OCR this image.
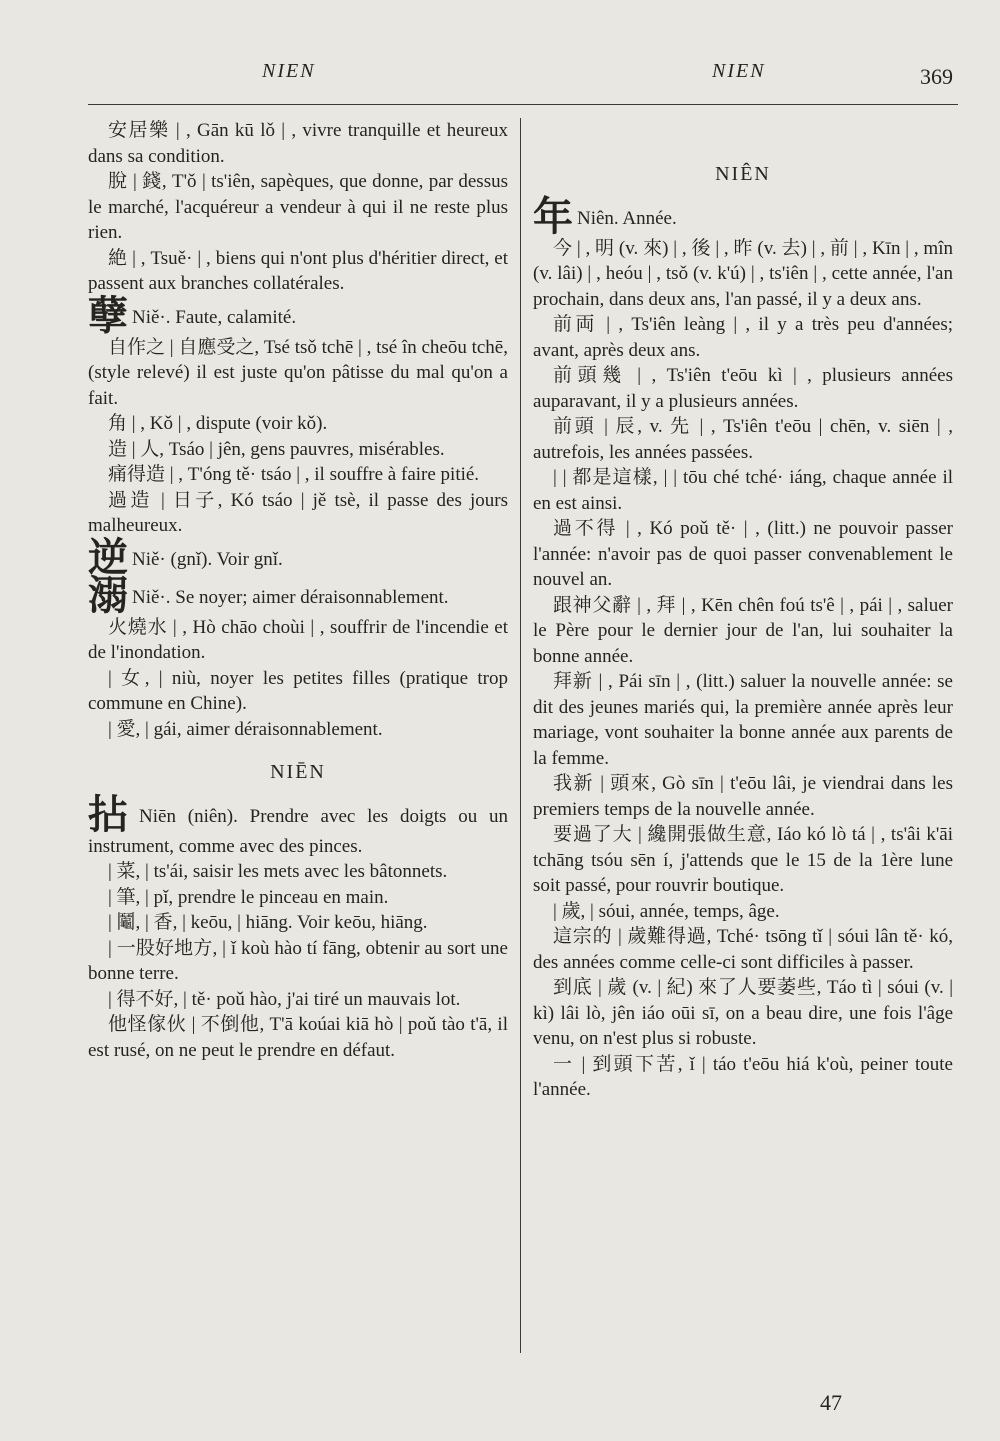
NIEN	NIEN	369

安居樂 | , Gān kū lǒ | , vivre tranquille et heureux dans sa condition.

脫 | 錢, T'ǒ | ts'iên, sapèques, que donne, par dessus le marché, l'acquéreur a vendeur à qui il ne reste plus rien.

絶 | , Tsuě· | , biens qui n'ont plus d'héritier direct, et passent aux branches collatérales.

孽 Niě·. Faute, calamité.

自作之 | 自應受之, Tsé tsǒ tchē | , tsé în cheōu tchē, (style relevé) il est juste qu'on pâtisse du mal qu'on a fait.

角 | , Kǒ | , dispute (voir kǒ).

造 | 人, Tsáo | jên, gens pauvres, misérables.

痛得造 | , T'óng tě· tsáo | , il souffre à faire pitié.

過造 | 日子, Kó tsáo | jě tsè, il passe des jours malheureux.

逆 Niě· (gnǐ). Voir gnǐ.

溺 Niě·. Se noyer; aimer déraisonnablement.

火燒水 | , Hò chāo choùi | , souffrir de l'incendie et de l'inondation.

| 女, | niù, noyer les petites filles (pratique trop commune en Chine).

| 愛, | gái, aimer déraisonnablement.

NIĒN

拈 Niēn (niên). Prendre avec les doigts ou un instrument, comme avec des pinces.

| 菜, | ts'ái, saisir les mets avec les bâtonnets.

| 筆, | pǐ, prendre le pinceau en main.

| 鬮, | 香, | keōu, | hiāng. Voir keōu, hiāng.

| 一股好地方, | ǐ koù hào tí fāng, obtenir au sort une bonne terre.

| 得不好, | tě· poǔ hào, j'ai tiré un mauvais lot.

他怪傢伙 | 不倒他, T'ā koúai kiā hò | poǔ tào t'ā, il est rusé, on ne peut le prendre en défaut.

NIÊN

年 Niên. Année.

今 | , 明 (v. 來) | , 後 | , 昨 (v. 去) | , 前 | , Kīn | , mîn (v. lâi) | , heóu | , tsǒ (v. k'ú) | , ts'iên | , cette année, l'an prochain, dans deux ans, l'an passé, il y a deux ans.

前両 | , Ts'iên leàng | , il y a très peu d'années; avant, après deux ans.

前頭幾 | , Ts'iên t'eōu kì | , plusieurs années auparavant, il y a plusieurs années.

前頭 | 辰, v. 先 | , Ts'iên t'eōu | chēn, v. siēn | , autrefois, les années passées.

| | 都是這樣, | | tōu ché tché· iáng, chaque année il en est ainsi.

過不得 | , Kó poǔ tě· | , (litt.) ne pouvoir passer l'année: n'avoir pas de quoi passer convenablement le nouvel an.

跟神父辭 | , 拜 | , Kēn chên foú ts'ê | , pái | , saluer le Père pour le dernier jour de l'an, lui souhaiter la bonne année.

拜新 | , Pái sīn | , (litt.) saluer la nouvelle année: se dit des jeunes mariés qui, la première année après leur mariage, vont souhaiter la bonne année aux parents de la femme.

我新 | 頭來, Gò sīn | t'eōu lâi, je viendrai dans les premiers temps de la nouvelle année.

要過了大 | 纔開張做生意, Iáo kó lò tá | , ts'âi k'āi tchāng tsóu sēn í, j'attends que le 15 de la 1ère lune soit passé, pour rouvrir boutique.

| 歲, | sóui, année, temps, âge.

這宗的 | 歲難得過, Tché· tsōng tǐ | sóui lân tě· kó, des années comme celle-ci sont difficiles à passer.

到底 | 歲 (v. | 紀) 來了人要萎些, Táo tì | sóui (v. | kì) lâi lò, jên iáo oūi sī, on a beau dire, une fois l'âge venu, on n'est plus si robuste.

一 | 到頭下苦, ǐ | táo t'eōu hiá k'où, peiner toute l'année.

47
